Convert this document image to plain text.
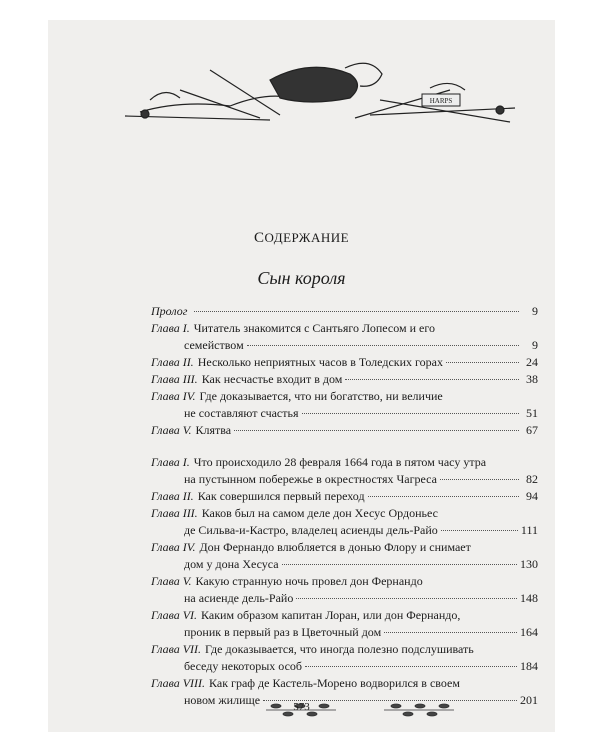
HARPS
СОДЕРЖАНИЕ
Сын короля
Пролог	9
Глава I. Читатель знакомится с Сантьяго Лопесом и его
семейством	9
Глава II. Несколько неприятных часов в Толедских горах	24
Глава III. Как несчастье входит в дом	38
Глава IV. Где доказывается, что ни богатство, ни величие
не составляют счастья	51
Глава V. Клятва	67
Глава I. Что происходило 28 февраля 1664 года в пятом часу утра
на пустынном побережье в окрестностях Чагреса	82
Глава II. Как совершился первый переход	94
Глава III. Каков был на самом деле дон Хесус Ордоньес
де Сильва-и-Кастро, владелец асиенды дель-Райо	111
Глава IV. Дон Фернандо влюбляется в донью Флору и снимает
дом у дона Хесуса	130
Глава V. Какую странную ночь провел дон Фернандо
на асиенде дель-Райо	148
Глава VI. Каким образом капитан Лоран, или дон Фернандо,
проник в первый раз в Цветочный дом	164
Глава VII. Где доказывается, что иногда полезно подслушивать
беседу некоторых особ	184
Глава VIII. Как граф де Кастель-Морено водворился в своем
новом жилище	201
573
